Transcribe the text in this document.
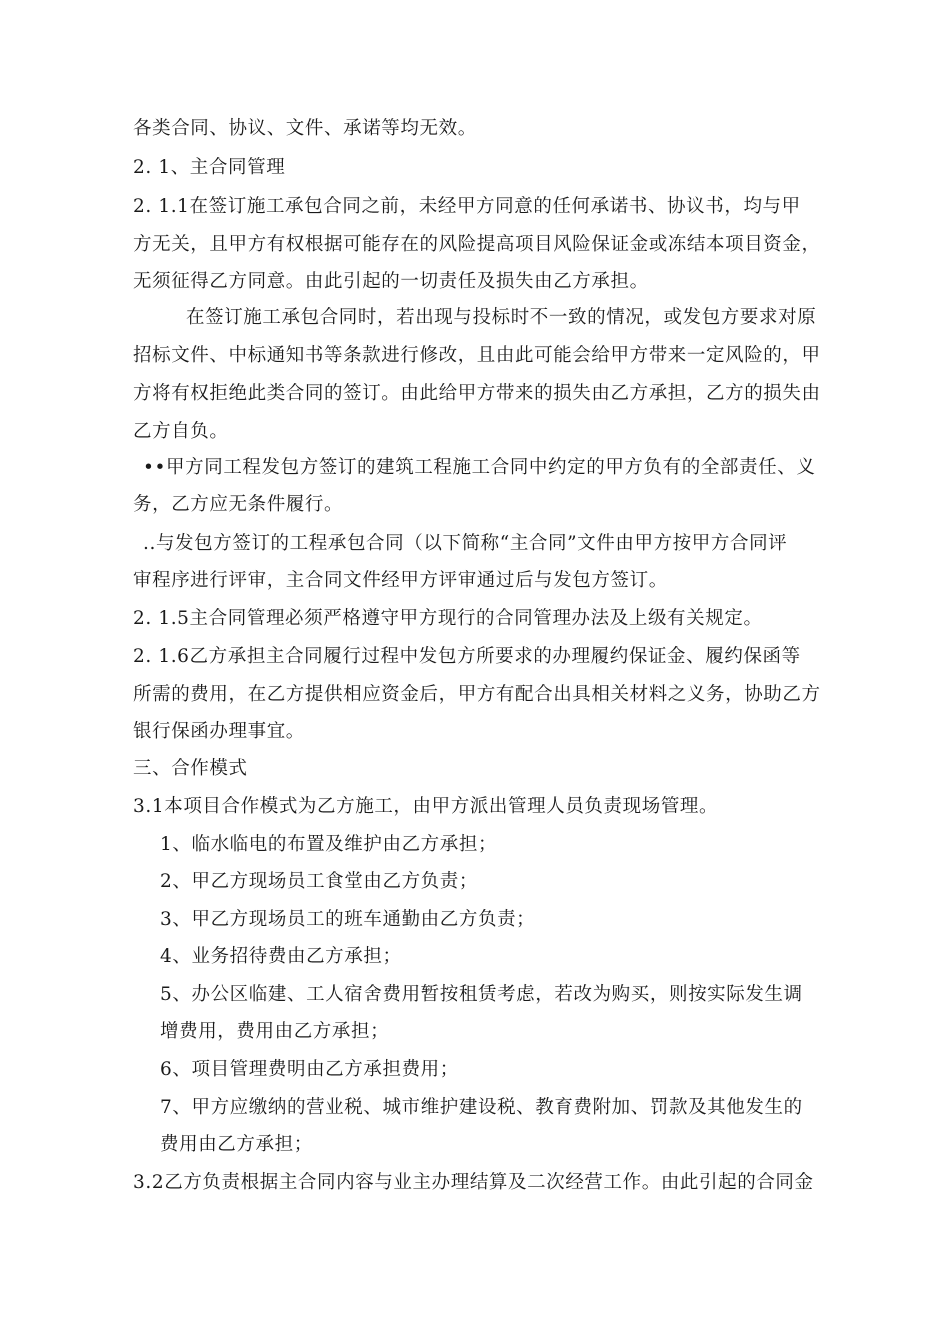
各类合同、协议、文件、承诺等均无效。
2. 1、主合同管理
2. 1.1在签订施工承包合同之前，未经甲方同意的任何承诺书、协议书，均与甲
方无关，且甲方有权根据可能存在的风险提高项目风险保证金或冻结本项目资金，
无须征得乙方同意。由此引起的一切责任及损失由乙方承担。
在签订施工承包合同时，若出现与投标时不一致的情况，或发包方要求对原
招标文件、中标通知书等条款进行修改，且由此可能会给甲方带来一定风险的，甲
方将有权拒绝此类合同的签订。由此给甲方带来的损失由乙方承担，乙方的损失由
乙方自负。
••甲方同工程发包方签订的建筑工程施工合同中约定的甲方负有的全部责任、义
务，乙方应无条件履行。
..与发包方签订的工程承包合同（以下简称“主合同”文件由甲方按甲方合同评
审程序进行评审，主合同文件经甲方评审通过后与发包方签订。
2. 1.5主合同管理必须严格遵守甲方现行的合同管理办法及上级有关规定。
2. 1.6乙方承担主合同履行过程中发包方所要求的办理履约保证金、履约保函等
所需的费用，在乙方提供相应资金后，甲方有配合出具相关材料之义务，协助乙方
银行保函办理事宜。
三、合作模式
3.1本项目合作模式为乙方施工，由甲方派出管理人员负责现场管理。
1、临水临电的布置及维护由乙方承担；
2、甲乙方现场员工食堂由乙方负责；
3、甲乙方现场员工的班车通勤由乙方负责；
4、业务招待费由乙方承担；
5、办公区临建、工人宿舍费用暂按租赁考虑，若改为购买，则按实际发生调
增费用，费用由乙方承担；
6、项目管理费明由乙方承担费用；
7、甲方应缴纳的营业税、城市维护建设税、教育费附加、罚款及其他发生的
费用由乙方承担；
3.2乙方负责根据主合同内容与业主办理结算及二次经营工作。由此引起的合同金
